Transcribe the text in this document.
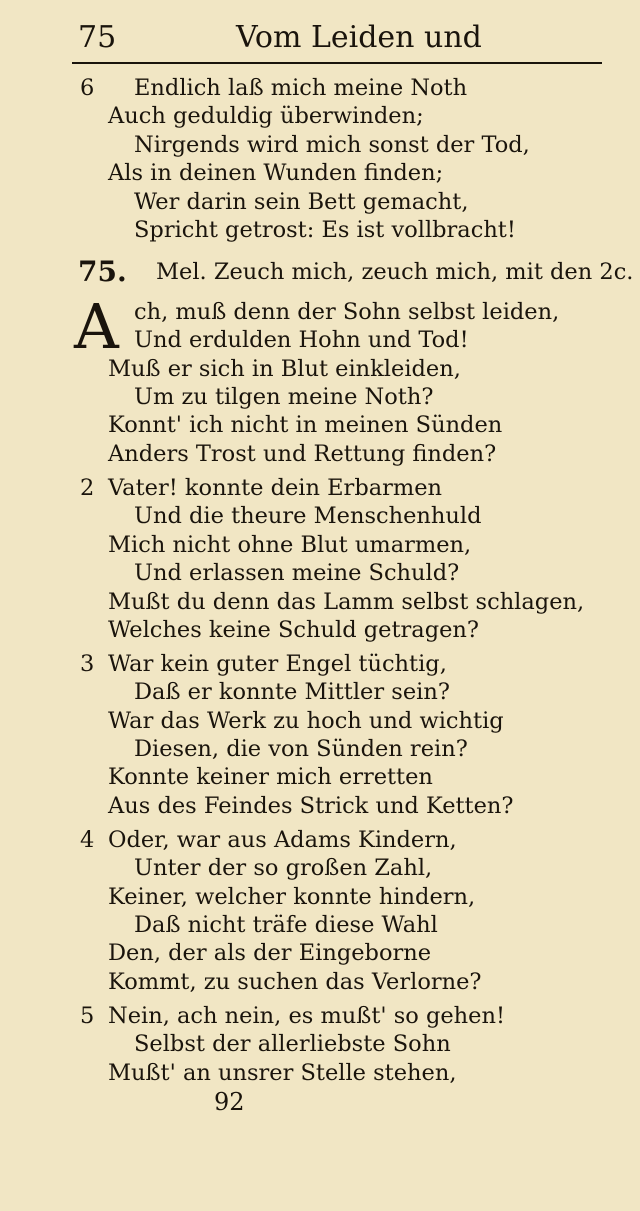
75	Vom Leiden und
6 Endlich laß mich meine Noth
Auch geduldig überwinden;
Nirgends wird mich sonst der Tod,
Als in deinen Wunden finden;
Wer darin sein Bett gemacht,
Spricht getrost: Es ist vollbracht!
75. Mel. Zeuch mich, zeuch mich, mit den 2c.
A ch, muß denn der Sohn selbst leiden,
Und erdulden Hohn und Tod!
Muß er sich in Blut einkleiden,
Um zu tilgen meine Noth?
Konnt' ich nicht in meinen Sünden
Anders Trost und Rettung finden?
2 Vater! konnte dein Erbarmen
Und die theure Menschenhuld
Mich nicht ohne Blut umarmen,
Und erlassen meine Schuld?
Mußt du denn das Lamm selbst schlagen,
Welches keine Schuld getragen?
3 War kein guter Engel tüchtig,
Daß er konnte Mittler sein?
War das Werk zu hoch und wichtig
Diesen, die von Sünden rein?
Konnte keiner mich erretten
Aus des Feindes Strick und Ketten?
4 Oder, war aus Adams Kindern,
Unter der so großen Zahl,
Keiner, welcher konnte hindern,
Daß nicht träfe diese Wahl
Den, der als der Eingeborne
Kommt, zu suchen das Verlorne?
5 Nein, ach nein, es mußt' so gehen!
Selbst der allerliebste Sohn
Mußt' an unsrer Stelle stehen,
92
